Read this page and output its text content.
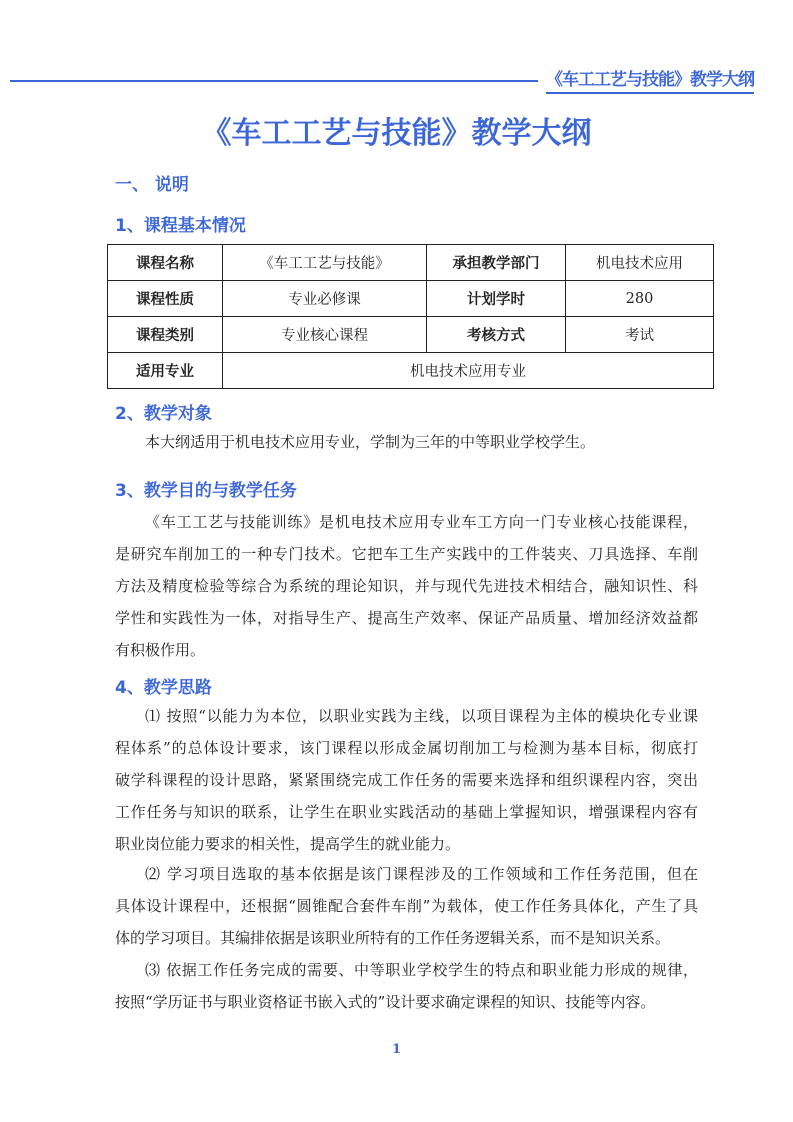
《车工工艺与技能》教学大纲
《车工工艺与技能》教学大纲
一、 说明
1、课程基本情况
课程名称	《车工工艺与技能》	承担教学部门	机电技术应用
课程性质	专业必修课	计划学时	280
课程类别	专业核心课程	考核方式	考试
适用专业	机电技术应用专业		
2、教学对象
本大纲适用于机电技术应用专业，学制为三年的中等职业学校学生。
3、教学目的与教学任务
《车工工艺与技能训练》是机电技术应用专业车工方向一门专业核心技能课程，
是研究车削加工的一种专门技术。它把车工生产实践中的工件装夹、刀具选择、车削
方法及精度检验等综合为系统的理论知识，并与现代先进技术相结合，融知识性、科
学性和实践性为一体，对指导生产、提高生产效率、保证产品质量、增加经济效益都
有积极作用。
4、教学思路
⑴ 按照“以能力为本位，以职业实践为主线，以项目课程为主体的模块化专业课
程体系”的总体设计要求，该门课程以形成金属切削加工与检测为基本目标，彻底打
破学科课程的设计思路，紧紧围绕完成工作任务的需要来选择和组织课程内容，突出
工作任务与知识的联系，让学生在职业实践活动的基础上掌握知识，增强课程内容有
职业岗位能力要求的相关性，提高学生的就业能力。
⑵ 学习项目选取的基本依据是该门课程涉及的工作领域和工作任务范围，但在
具体设计课程中，还根据“圆锥配合套件车削”为载体，使工作任务具体化，产生了具
体的学习项目。其编排依据是该职业所特有的工作任务逻辑关系，而不是知识关系。
⑶ 依据工作任务完成的需要、中等职业学校学生的特点和职业能力形成的规律，
按照“学历证书与职业资格证书嵌入式的”设计要求确定课程的知识、技能等内容。
1
